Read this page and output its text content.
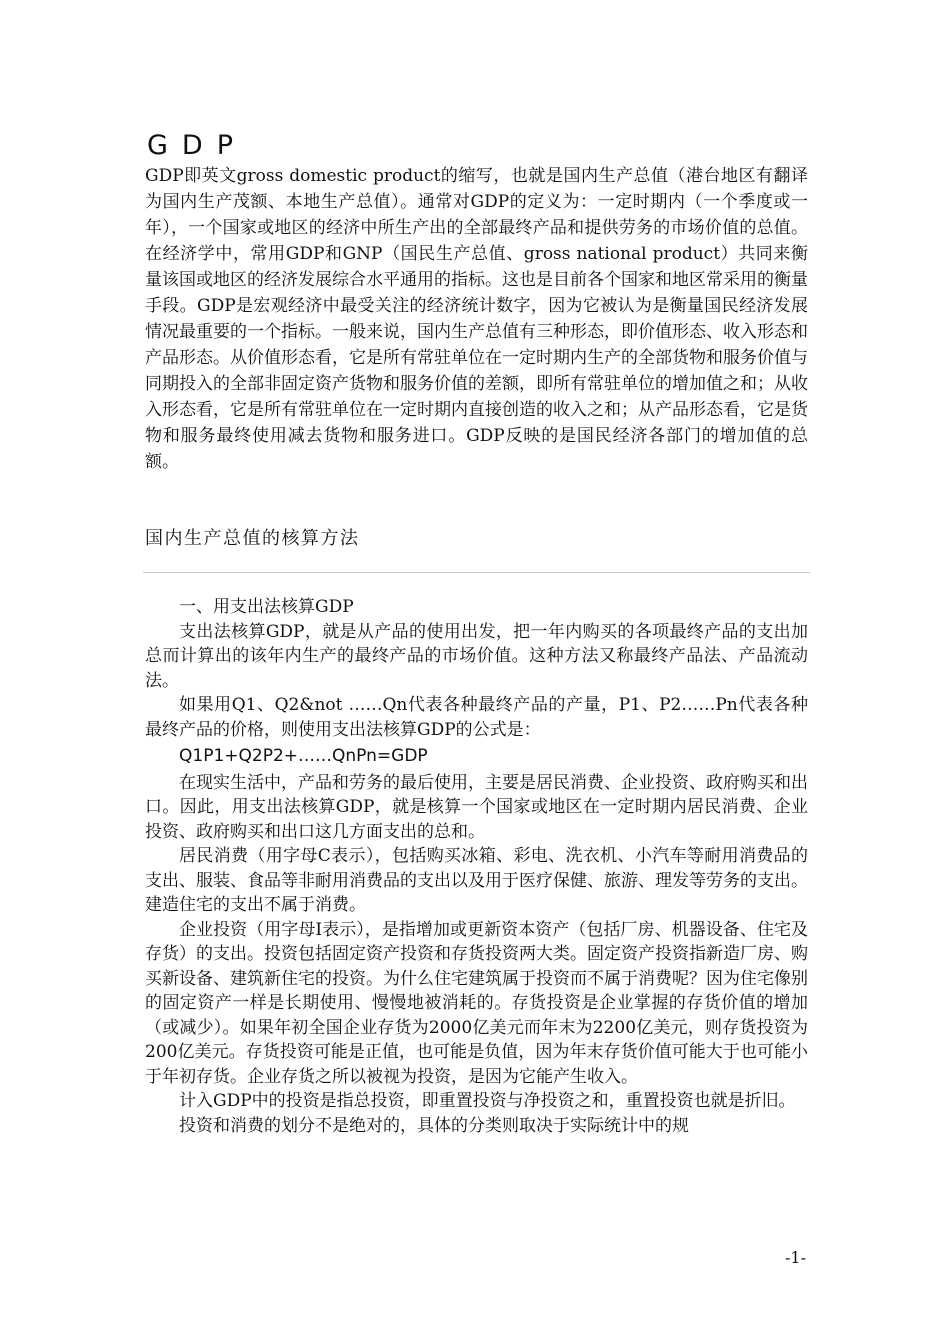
GDP
GDP即英文gross domestic product的缩写，也就是国内生产总值（港台地区有翻译为国内生产茂额、本地生产总值）。通常对GDP的定义为：一定时期内（一个季度或一年），一个国家或地区的经济中所生产出的全部最终产品和提供劳务的市场价值的总值。在经济学中，常用GDP和GNP（国民生产总值、gross national product）共同来衡量该国或地区的经济发展综合水平通用的指标。这也是目前各个国家和地区常采用的衡量手段。GDP是宏观经济中最受关注的经济统计数字，因为它被认为是衡量国民经济发展情况最重要的一个指标。一般来说，国内生产总值有三种形态，即价值形态、收入形态和产品形态。从价值形态看，它是所有常驻单位在一定时期内生产的全部货物和服务价值与同期投入的全部非固定资产货物和服务价值的差额，即所有常驻单位的增加值之和；从收入形态看，它是所有常驻单位在一定时期内直接创造的收入之和；从产品形态看，它是货物和服务最终使用减去货物和服务进口。GDP反映的是国民经济各部门的增加值的总额。
国内生产总值的核算方法

一、用支出法核算GDP

支出法核算GDP，就是从产品的使用出发，把一年内购买的各项最终产品的支出加总而计算出的该年内生产的最终产品的市场价值。这种方法又称最终产品法、产品流动法。

如果用Q1、Q2&not ……Qn代表各种最终产品的产量，P1、P2……Pn代表各种最终产品的价格，则使用支出法核算GDP的公式是：

Q1P1+Q2P2+……QnPn=GDP

在现实生活中，产品和劳务的最后使用，主要是居民消费、企业投资、政府购买和出口。因此，用支出法核算GDP，就是核算一个国家或地区在一定时期内居民消费、企业投资、政府购买和出口这几方面支出的总和。

居民消费（用字母C表示），包括购买冰箱、彩电、洗衣机、小汽车等耐用消费品的支出、服装、食品等非耐用消费品的支出以及用于医疗保健、旅游、理发等劳务的支出。建造住宅的支出不属于消费。

企业投资（用字母I表示），是指增加或更新资本资产（包括厂房、机器设备、住宅及存货）的支出。投资包括固定资产投资和存货投资两大类。固定资产投资指新造厂房、购买新设备、建筑新住宅的投资。为什么住宅建筑属于投资而不属于消费呢？因为住宅像别的固定资产一样是长期使用、慢慢地被消耗的。存货投资是企业掌握的存货价值的增加（或减少）。如果年初全国企业存货为2000亿美元而年末为2200亿美元，则存货投资为200亿美元。存货投资可能是正值，也可能是负值，因为年末存货价值可能大于也可能小于年初存货。企业存货之所以被视为投资，是因为它能产生收入。

计入GDP中的投资是指总投资，即重置投资与净投资之和，重置投资也就是折旧。

投资和消费的划分不是绝对的，具体的分类则取决于实际统计中的规

-1-
